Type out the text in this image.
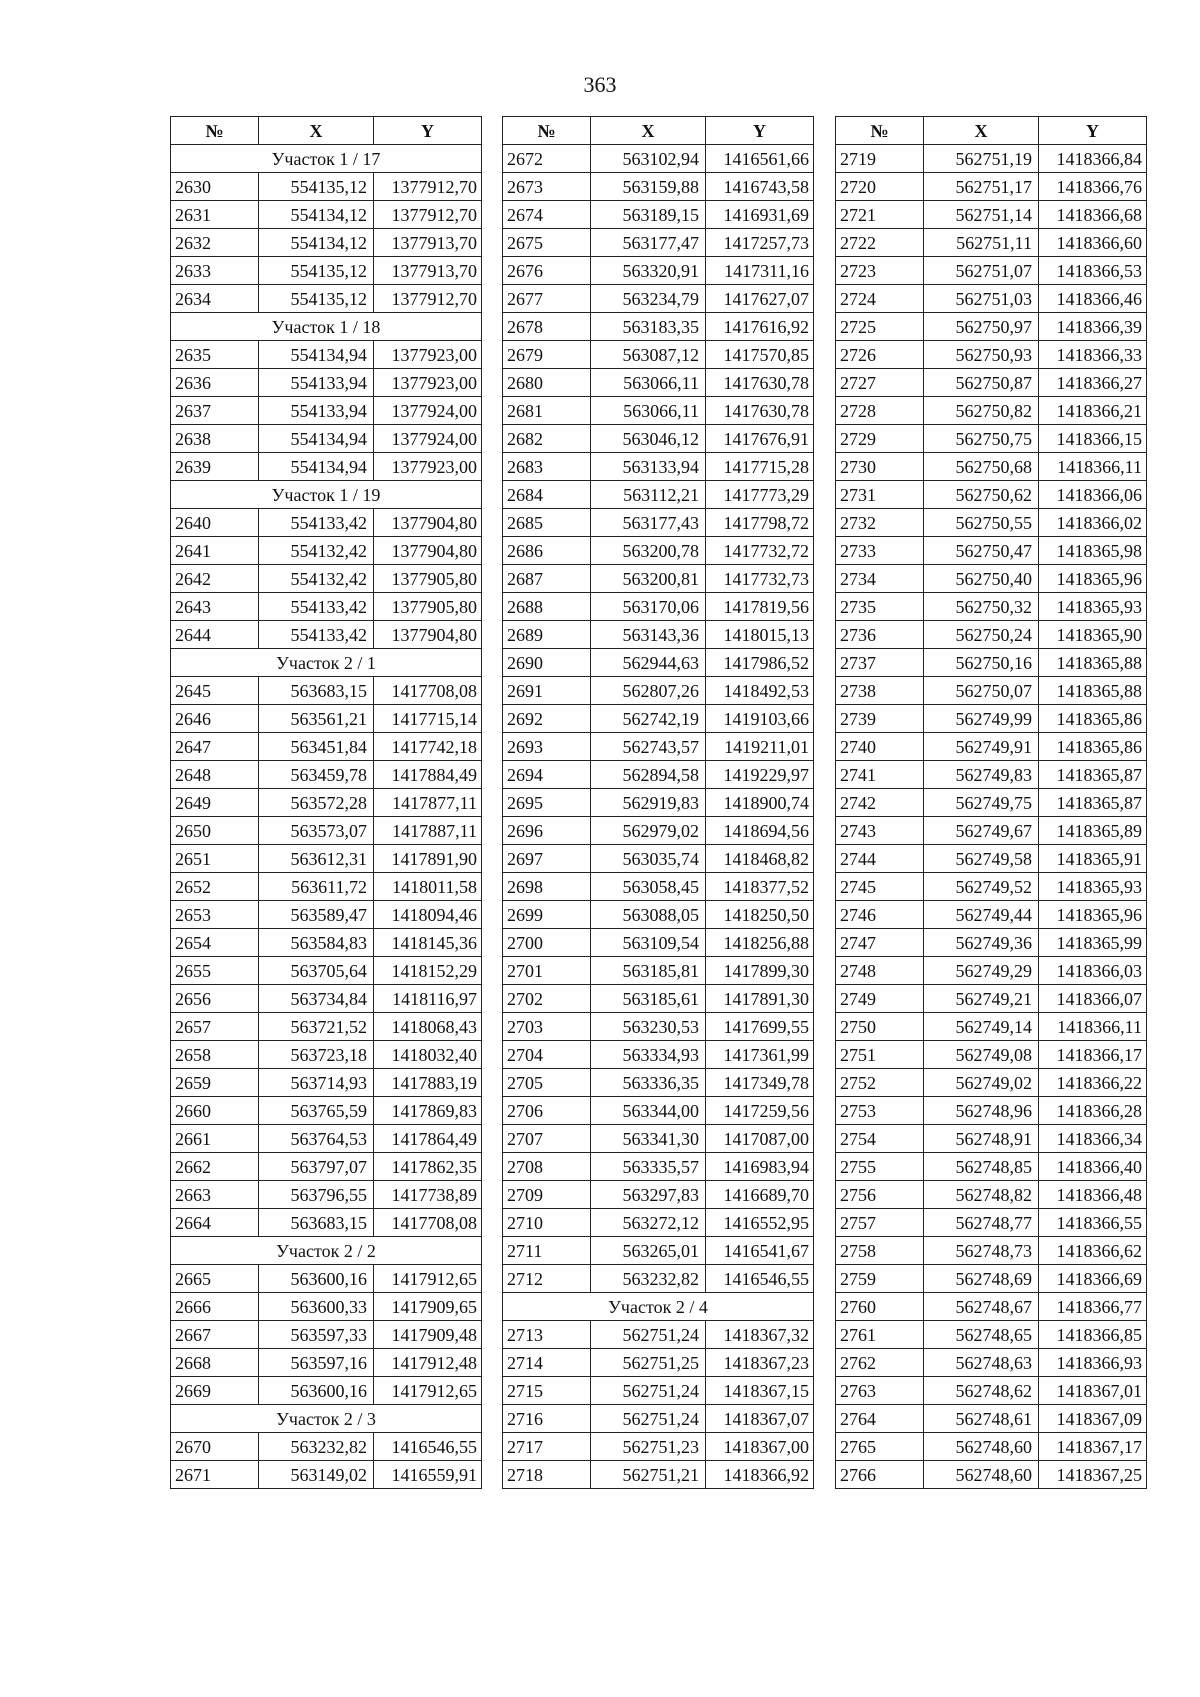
363
№	X	Y
Участок 1 / 17		
2630	554135,12	1377912,70
2631	554134,12	1377912,70
2632	554134,12	1377913,70
2633	554135,12	1377913,70
2634	554135,12	1377912,70
Участок 1 / 18		
2635	554134,94	1377923,00
2636	554133,94	1377923,00
2637	554133,94	1377924,00
2638	554134,94	1377924,00
2639	554134,94	1377923,00
Участок 1 / 19		
2640	554133,42	1377904,80
2641	554132,42	1377904,80
2642	554132,42	1377905,80
2643	554133,42	1377905,80
2644	554133,42	1377904,80
Участок 2 / 1		
2645	563683,15	1417708,08
2646	563561,21	1417715,14
2647	563451,84	1417742,18
2648	563459,78	1417884,49
2649	563572,28	1417877,11
2650	563573,07	1417887,11
2651	563612,31	1417891,90
2652	563611,72	1418011,58
2653	563589,47	1418094,46
2654	563584,83	1418145,36
2655	563705,64	1418152,29
2656	563734,84	1418116,97
2657	563721,52	1418068,43
2658	563723,18	1418032,40
2659	563714,93	1417883,19
2660	563765,59	1417869,83
2661	563764,53	1417864,49
2662	563797,07	1417862,35
2663	563796,55	1417738,89
2664	563683,15	1417708,08
Участок 2 / 2		
2665	563600,16	1417912,65
2666	563600,33	1417909,65
2667	563597,33	1417909,48
2668	563597,16	1417912,48
2669	563600,16	1417912,65
Участок 2 / 3		
2670	563232,82	1416546,55
2671	563149,02	1416559,91
№	X	Y
2672	563102,94	1416561,66
2673	563159,88	1416743,58
2674	563189,15	1416931,69
2675	563177,47	1417257,73
2676	563320,91	1417311,16
2677	563234,79	1417627,07
2678	563183,35	1417616,92
2679	563087,12	1417570,85
2680	563066,11	1417630,78
2681	563066,11	1417630,78
2682	563046,12	1417676,91
2683	563133,94	1417715,28
2684	563112,21	1417773,29
2685	563177,43	1417798,72
2686	563200,78	1417732,72
2687	563200,81	1417732,73
2688	563170,06	1417819,56
2689	563143,36	1418015,13
2690	562944,63	1417986,52
2691	562807,26	1418492,53
2692	562742,19	1419103,66
2693	562743,57	1419211,01
2694	562894,58	1419229,97
2695	562919,83	1418900,74
2696	562979,02	1418694,56
2697	563035,74	1418468,82
2698	563058,45	1418377,52
2699	563088,05	1418250,50
2700	563109,54	1418256,88
2701	563185,81	1417899,30
2702	563185,61	1417891,30
2703	563230,53	1417699,55
2704	563334,93	1417361,99
2705	563336,35	1417349,78
2706	563344,00	1417259,56
2707	563341,30	1417087,00
2708	563335,57	1416983,94
2709	563297,83	1416689,70
2710	563272,12	1416552,95
2711	563265,01	1416541,67
2712	563232,82	1416546,55
Участок 2 / 4		
2713	562751,24	1418367,32
2714	562751,25	1418367,23
2715	562751,24	1418367,15
2716	562751,24	1418367,07
2717	562751,23	1418367,00
2718	562751,21	1418366,92
№	X	Y
2719	562751,19	1418366,84
2720	562751,17	1418366,76
2721	562751,14	1418366,68
2722	562751,11	1418366,60
2723	562751,07	1418366,53
2724	562751,03	1418366,46
2725	562750,97	1418366,39
2726	562750,93	1418366,33
2727	562750,87	1418366,27
2728	562750,82	1418366,21
2729	562750,75	1418366,15
2730	562750,68	1418366,11
2731	562750,62	1418366,06
2732	562750,55	1418366,02
2733	562750,47	1418365,98
2734	562750,40	1418365,96
2735	562750,32	1418365,93
2736	562750,24	1418365,90
2737	562750,16	1418365,88
2738	562750,07	1418365,88
2739	562749,99	1418365,86
2740	562749,91	1418365,86
2741	562749,83	1418365,87
2742	562749,75	1418365,87
2743	562749,67	1418365,89
2744	562749,58	1418365,91
2745	562749,52	1418365,93
2746	562749,44	1418365,96
2747	562749,36	1418365,99
2748	562749,29	1418366,03
2749	562749,21	1418366,07
2750	562749,14	1418366,11
2751	562749,08	1418366,17
2752	562749,02	1418366,22
2753	562748,96	1418366,28
2754	562748,91	1418366,34
2755	562748,85	1418366,40
2756	562748,82	1418366,48
2757	562748,77	1418366,55
2758	562748,73	1418366,62
2759	562748,69	1418366,69
2760	562748,67	1418366,77
2761	562748,65	1418366,85
2762	562748,63	1418366,93
2763	562748,62	1418367,01
2764	562748,61	1418367,09
2765	562748,60	1418367,17
2766	562748,60	1418367,25
